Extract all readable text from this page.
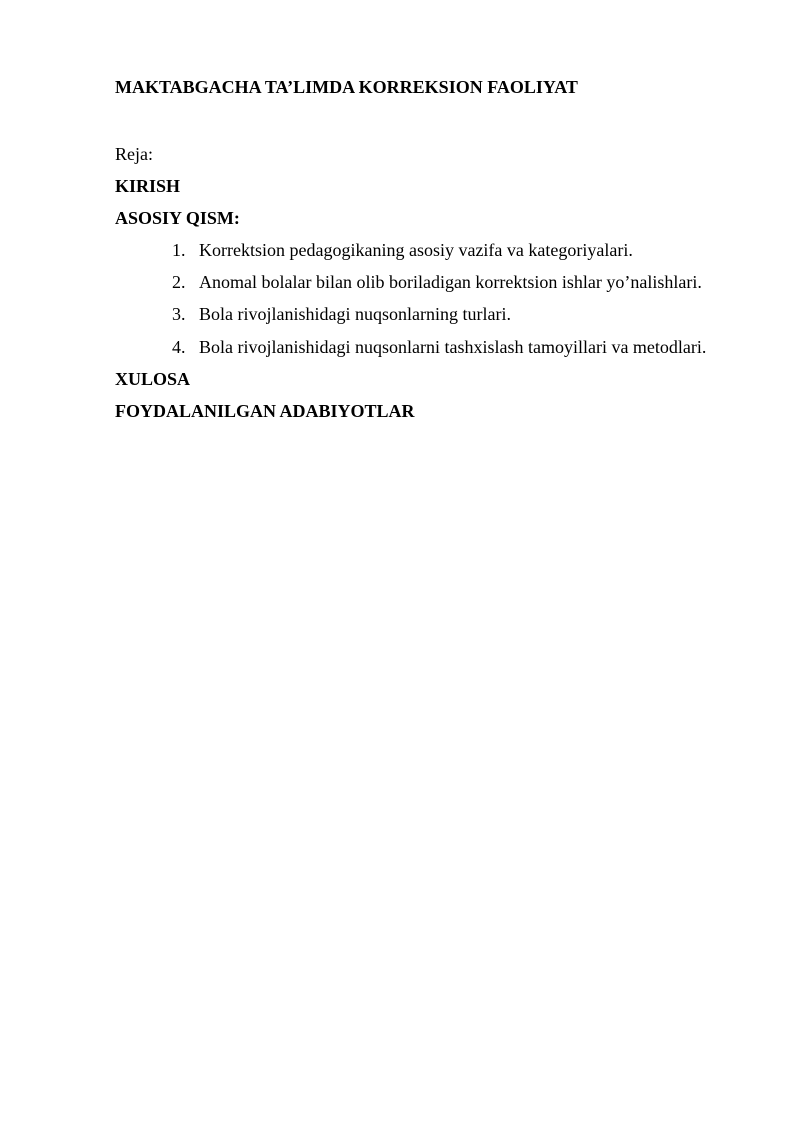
MAKTABGACHA TA’LIMDA KORREKSION FAOLIYAT
Reja:
KIRISH
ASOSIY QISM:
1. Korrektsion pedagogikaning asosiy vazifa va kategoriyalari.
2. Anomal bolalar bilan olib boriladigan korrektsion ishlar yo’nalishlari.
3. Bola rivojlanishidagi nuqsonlarning turlari.
4. Bola rivojlanishidagi nuqsonlarni tashxislash tamoyillari va metodlari.
XULOSA
FOYDALANILGAN ADABIYOTLAR
